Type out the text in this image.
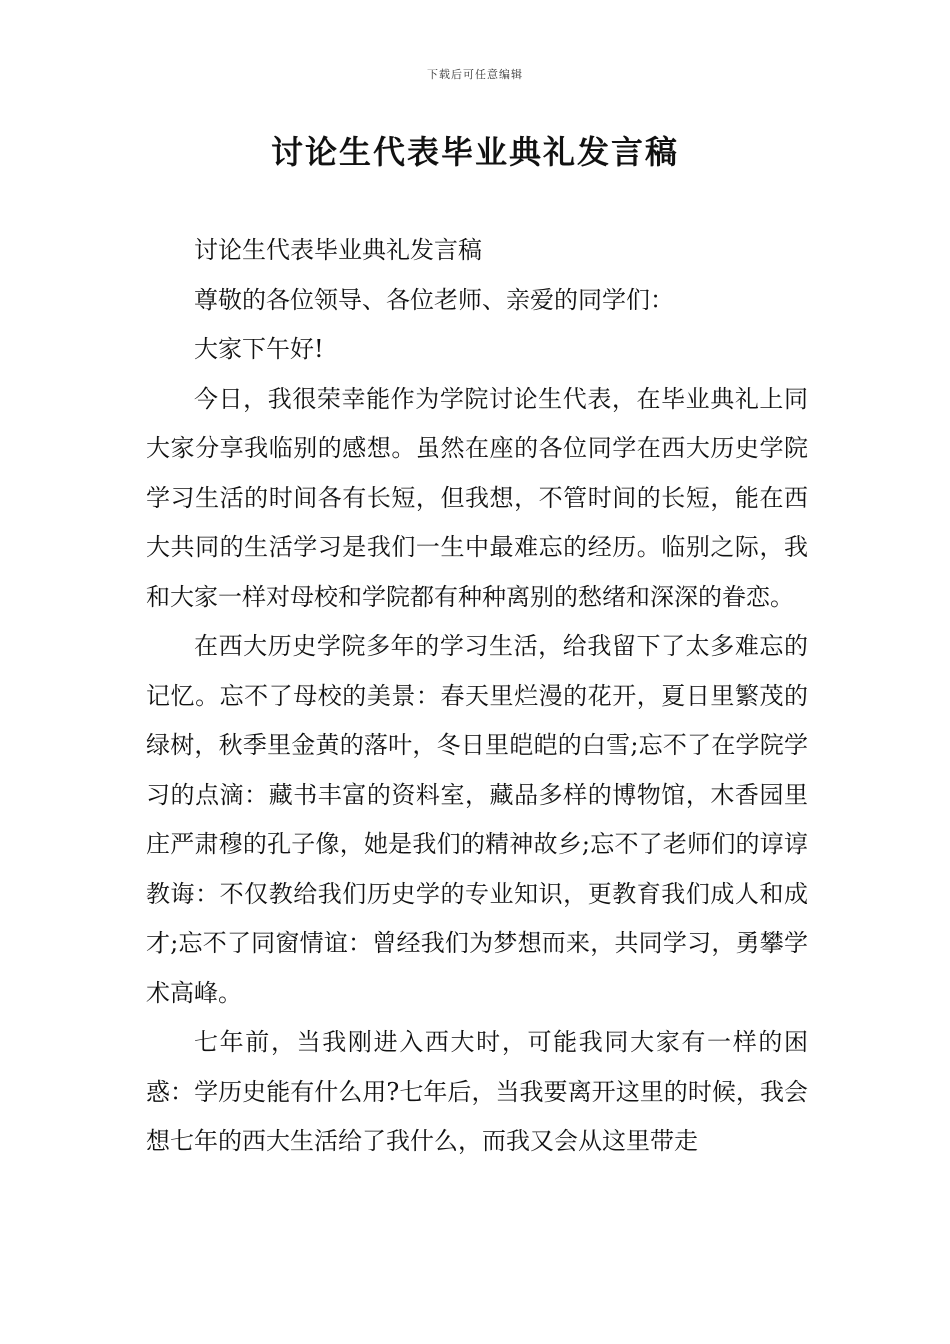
下载后可任意编辑
讨论生代表毕业典礼发言稿

讨论生代表毕业典礼发言稿

尊敬的各位领导、各位老师、亲爱的同学们：

大家下午好!

今日，我很荣幸能作为学院讨论生代表，在毕业典礼上同大家分享我临别的感想。虽然在座的各位同学在西大历史学院学习生活的时间各有长短，但我想，不管时间的长短，能在西大共同的生活学习是我们一生中最难忘的经历。临别之际，我和大家一样对母校和学院都有种种离别的愁绪和深深的眷恋。

在西大历史学院多年的学习生活，给我留下了太多难忘的记忆。忘不了母校的美景：春天里烂漫的花开，夏日里繁茂的绿树，秋季里金黄的落叶，冬日里皑皑的白雪;忘不了在学院学习的点滴：藏书丰富的资料室，藏品多样的博物馆，木香园里庄严肃穆的孔子像，她是我们的精神故乡;忘不了老师们的谆谆教诲：不仅教给我们历史学的专业知识，更教育我们成人和成才;忘不了同窗情谊：曾经我们为梦想而来，共同学习，勇攀学术高峰。

七年前，当我刚进入西大时，可能我同大家有一样的困惑：学历史能有什么用?七年后，当我要离开这里的时候，我会想七年的西大生活给了我什么，而我又会从这里带走
